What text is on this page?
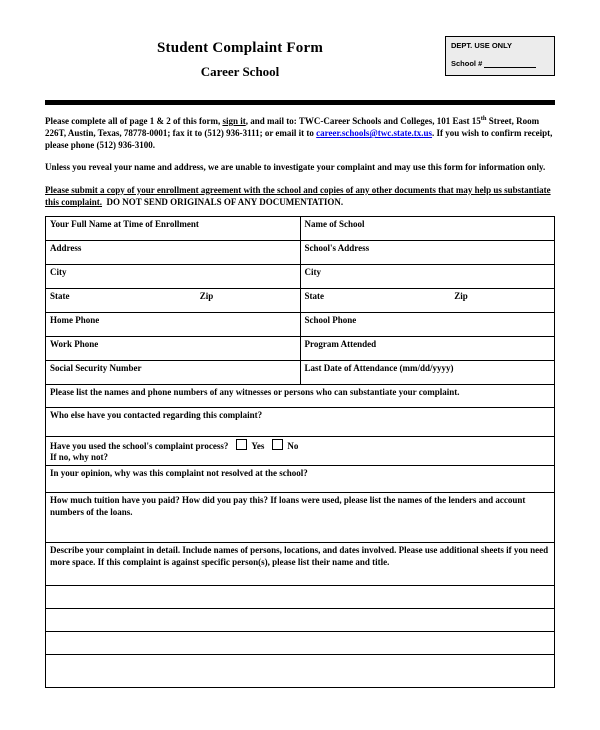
Student Complaint Form
Career School
DEPT. USE ONLY
School #

Please complete all of page 1 & 2 of this form, sign it, and mail to: TWC-Career Schools and Colleges, 101 East 15th Street, Room 226T, Austin, Texas, 78778-0001; fax it to (512) 936-3111; or email it to career.schools@twc.state.tx.us. If you wish to confirm receipt, please phone (512) 936-3100.

Unless you reveal your name and address, we are unable to investigate your complaint and may use this form for information only.

Please submit a copy of your enrollment agreement with the school and copies of any other documents that may help us substantiate this complaint. DO NOT SEND ORIGINALS OF ANY DOCUMENTATION.

Your Full Name at Time of Enrollment	Name of School
Address	School's Address
City	City
State Zip	State Zip
Home Phone	School Phone
Work Phone	Program Attended
Social Security Number	Last Date of Attendance (mm/dd/yyyy)
Please list the names and phone numbers of any witnesses or persons who can substantiate your complaint.	
Who else have you contacted regarding this complaint?	
Have you used the school's complaint process? Yes No
If no, why not?	
In your opinion, why was this complaint not resolved at the school?	
How much tuition have you paid? How did you pay this? If loans were used, please list the names of the lenders and account numbers of the loans.	
Describe your complaint in detail. Include names of persons, locations, and dates involved. Please use additional sheets if you need more space. If this complaint is against specific person(s), please list their name and title.	
